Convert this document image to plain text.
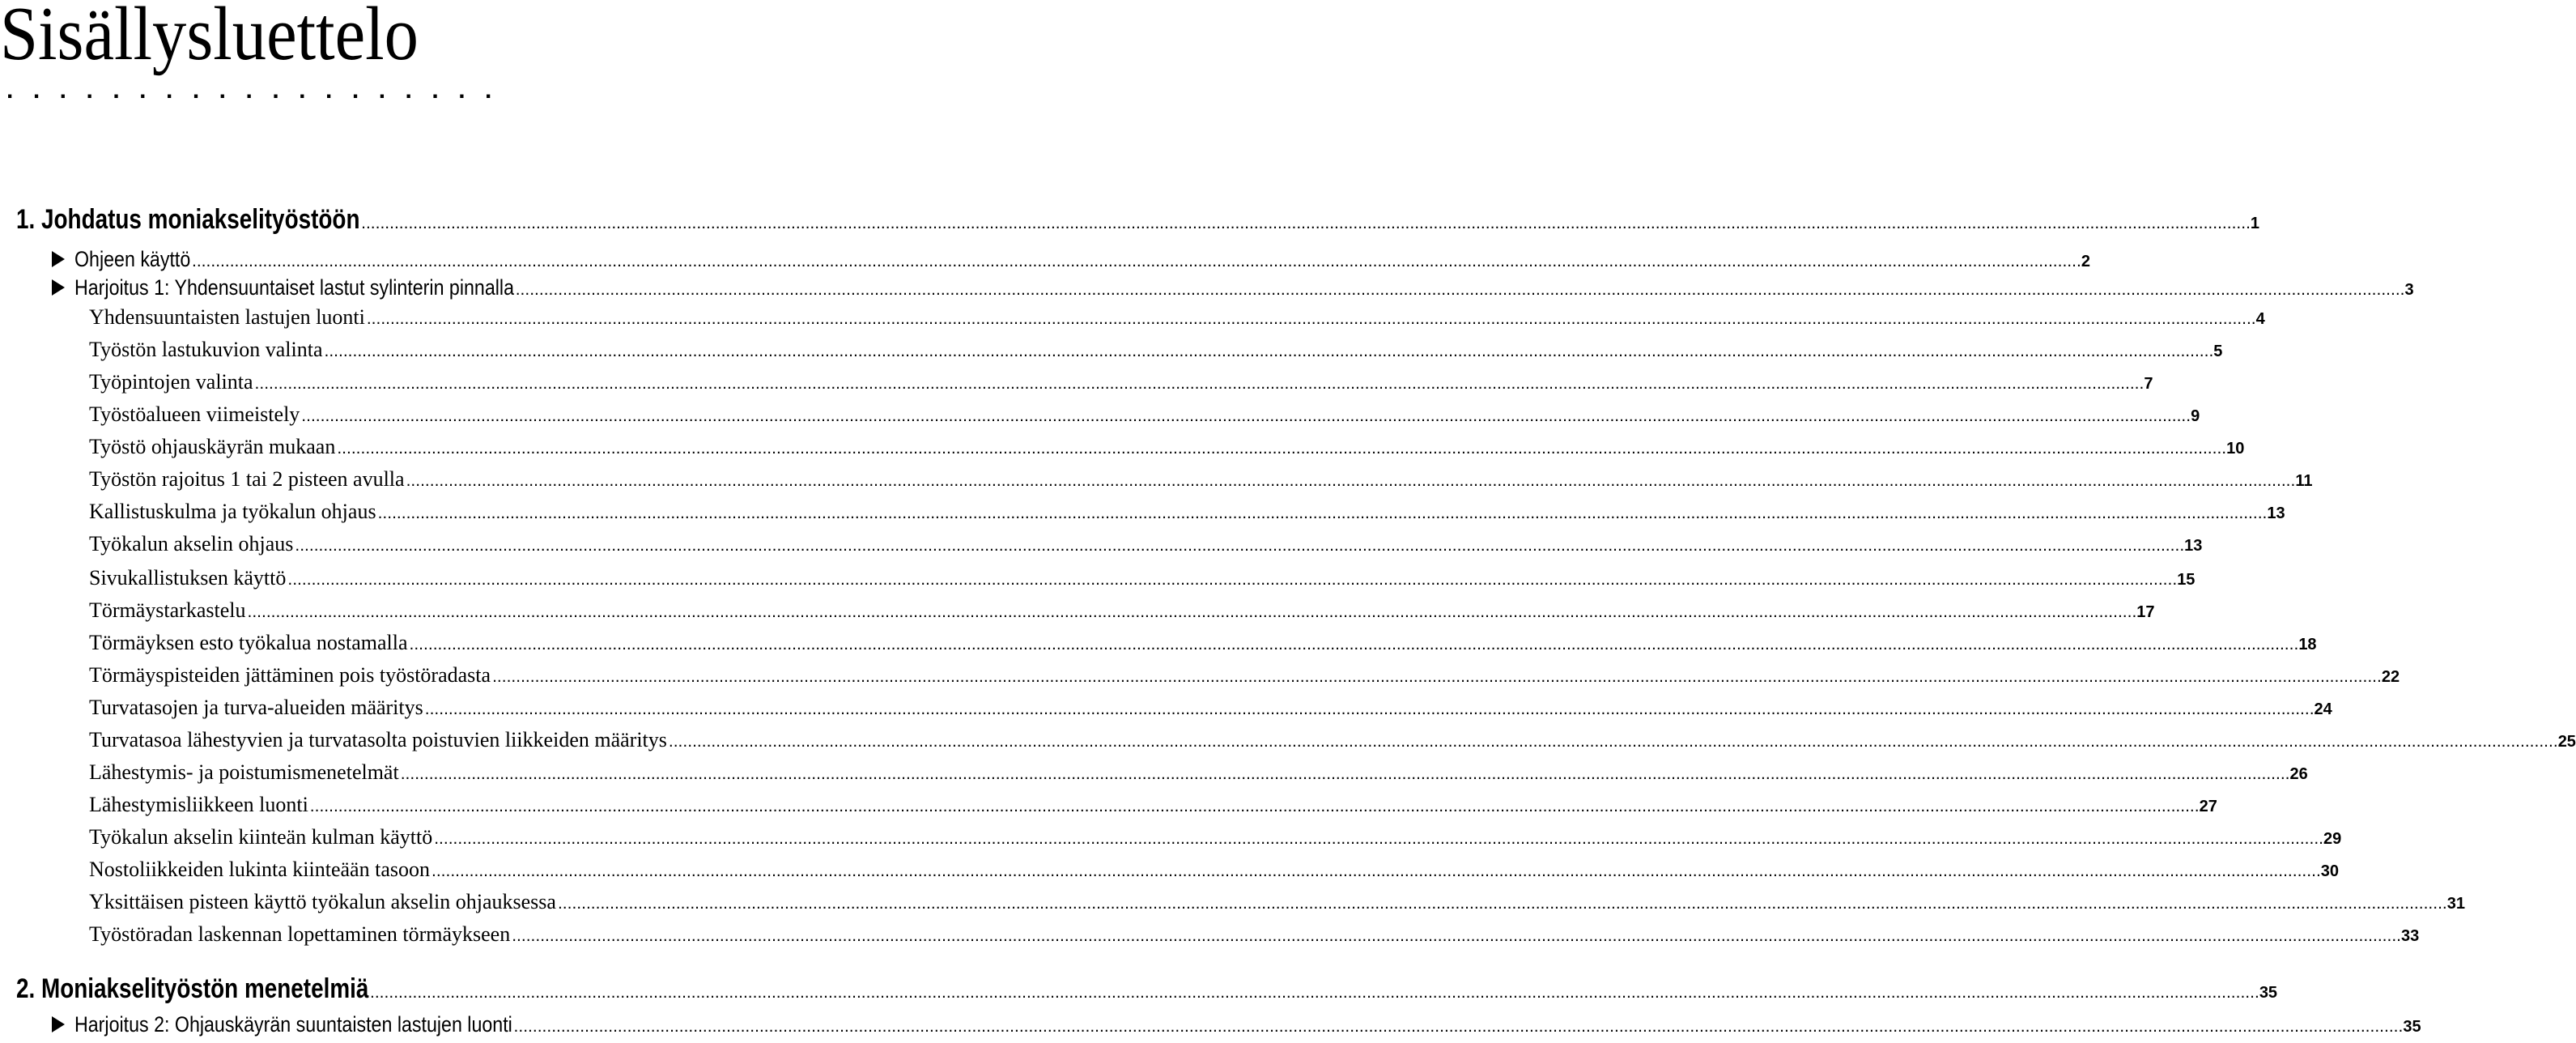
Sisällysluettelo
...................
1. Johdatus moniakselityöstöön ................................................................................................................................................................................................................................................................................................................................................................................................................ 1
Ohjeen käyttö ................................................................................................................................................................................................................................................................................................................................................................................................................ 2
Harjoitus 1: Yhdensuuntaiset lastut sylinterin pinnalla ................................................................................................................................................................................................................................................................................................................................................................................................................ 3
Yhdensuuntaisten lastujen luonti ................................................................................................................................................................................................................................................................................................................................................................................................................ 4
Työstön lastukuvion valinta ................................................................................................................................................................................................................................................................................................................................................................................................................ 5
Työpintojen valinta ................................................................................................................................................................................................................................................................................................................................................................................................................ 7
Työstöalueen viimeistely ................................................................................................................................................................................................................................................................................................................................................................................................................ 9
Työstö ohjauskäyrän mukaan ................................................................................................................................................................................................................................................................................................................................................................................................................ 10
Työstön rajoitus 1 tai 2 pisteen avulla ................................................................................................................................................................................................................................................................................................................................................................................................................ 11
Kallistuskulma ja työkalun ohjaus ................................................................................................................................................................................................................................................................................................................................................................................................................ 13
Työkalun akselin ohjaus ................................................................................................................................................................................................................................................................................................................................................................................................................ 13
Sivukallistuksen käyttö ................................................................................................................................................................................................................................................................................................................................................................................................................ 15
Törmäystarkastelu ................................................................................................................................................................................................................................................................................................................................................................................................................ 17
Törmäyksen esto työkalua nostamalla ................................................................................................................................................................................................................................................................................................................................................................................................................ 18
Törmäyspisteiden jättäminen pois työstöradasta ................................................................................................................................................................................................................................................................................................................................................................................................................ 22
Turvatasojen ja turva-alueiden määritys ................................................................................................................................................................................................................................................................................................................................................................................................................ 24
Turvatasoa lähestyvien ja turvatasolta poistuvien liikkeiden määritys ................................................................................................................................................................................................................................................................................................................................................................................................................ 25
Lähestymis- ja poistumismenetelmät ................................................................................................................................................................................................................................................................................................................................................................................................................ 26
Lähestymisliikkeen luonti ................................................................................................................................................................................................................................................................................................................................................................................................................ 27
Työkalun akselin kiinteän kulman käyttö ................................................................................................................................................................................................................................................................................................................................................................................................................ 29
Nostoliikkeiden lukinta kiinteään tasoon ................................................................................................................................................................................................................................................................................................................................................................................................................ 30
Yksittäisen pisteen käyttö työkalun akselin ohjauksessa ................................................................................................................................................................................................................................................................................................................................................................................................................ 31
Työstöradan laskennan lopettaminen törmäykseen ................................................................................................................................................................................................................................................................................................................................................................................................................ 33
2. Moniakselityöstön menetelmiä ................................................................................................................................................................................................................................................................................................................................................................................................................ 35
Harjoitus 2: Ohjauskäyrän suuntaisten lastujen luonti ................................................................................................................................................................................................................................................................................................................................................................................................................ 35
